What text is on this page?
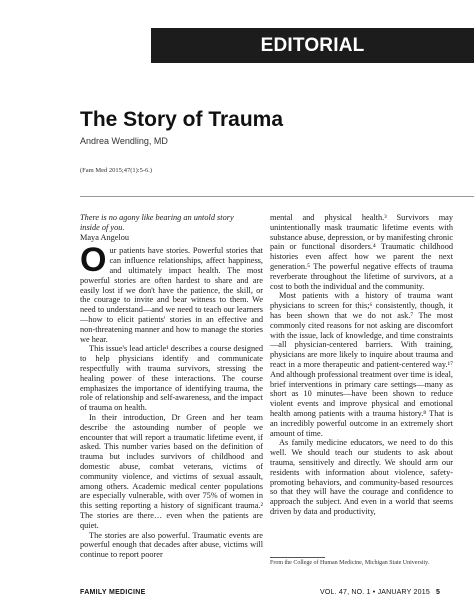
EDITORIAL
The Story of Trauma
Andrea Wendling, MD
(Fam Med 2015;47(1):5-6.)

There is no agony like bearing an untold story
inside of you.

Maya Angelou

Our patients have stories. Powerful stories that can influence relationships, affect happiness, and ultimately impact health. The most powerful stories are often hardest to share and are easily lost if we don't have the patience, the skill, or the courage to invite and bear witness to them. We need to understand—and we need to teach our learners—how to elicit patients' stories in an effective and non-threatening manner and how to manage the stories we hear.

This issue's lead article¹ describes a course designed to help physicians identify and communicate respectfully with trauma survivors, stressing the healing power of these interactions. The course emphasizes the importance of identifying trauma, the role of relationship and self-awareness, and the impact of trauma on health.

In their introduction, Dr Green and her team describe the astounding number of people we encounter that will report a traumatic lifetime event, if asked. This number varies based on the definition of trauma but includes survivors of childhood and domestic abuse, combat veterans, victims of community violence, and victims of sexual assault, among others. Academic medical center populations are especially vulnerable, with over 75% of women in this setting reporting a history of significant trauma.² The stories are there… even when the patients are quiet.

The stories are also powerful. Traumatic events are powerful enough that decades after abuse, victims will continue to report poorer

mental and physical health.³ Survivors may unintentionally mask traumatic lifetime events with substance abuse, depression, or by manifesting chronic pain or functional disorders.⁴ Traumatic childhood histories even affect how we parent the next generation.⁵ The powerful negative effects of trauma reverberate throughout the lifetime of survivors, at a cost to both the individual and the community.

Most patients with a history of trauma want physicians to screen for this;⁶ consistently, though, it has been shown that we do not ask.⁷ The most commonly cited reasons for not asking are discomfort with the issue, lack of knowledge, and time constraints—all physician-centered barriers. With training, physicians are more likely to inquire about trauma and react in a more therapeutic and patient-centered way.¹⁷ And although professional treatment over time is ideal, brief interventions in primary care settings—many as short as 10 minutes—have been shown to reduce violent events and improve physical and emotional health among patients with a trauma history.⁸ That is an incredibly powerful outcome in an extremely short amount of time.

As family medicine educators, we need to do this well. We should teach our students to ask about trauma, sensitively and directly. We should arm our residents with information about violence, safety-promoting behaviors, and community-based resources so that they will have the courage and confidence to approach the subject. And even in a world that seems driven by data and productivity,

From the College of Human Medicine, Michigan State University.
FAMILY MEDICINE	VOL. 47, NO. 1 • JANUARY 2015 5
